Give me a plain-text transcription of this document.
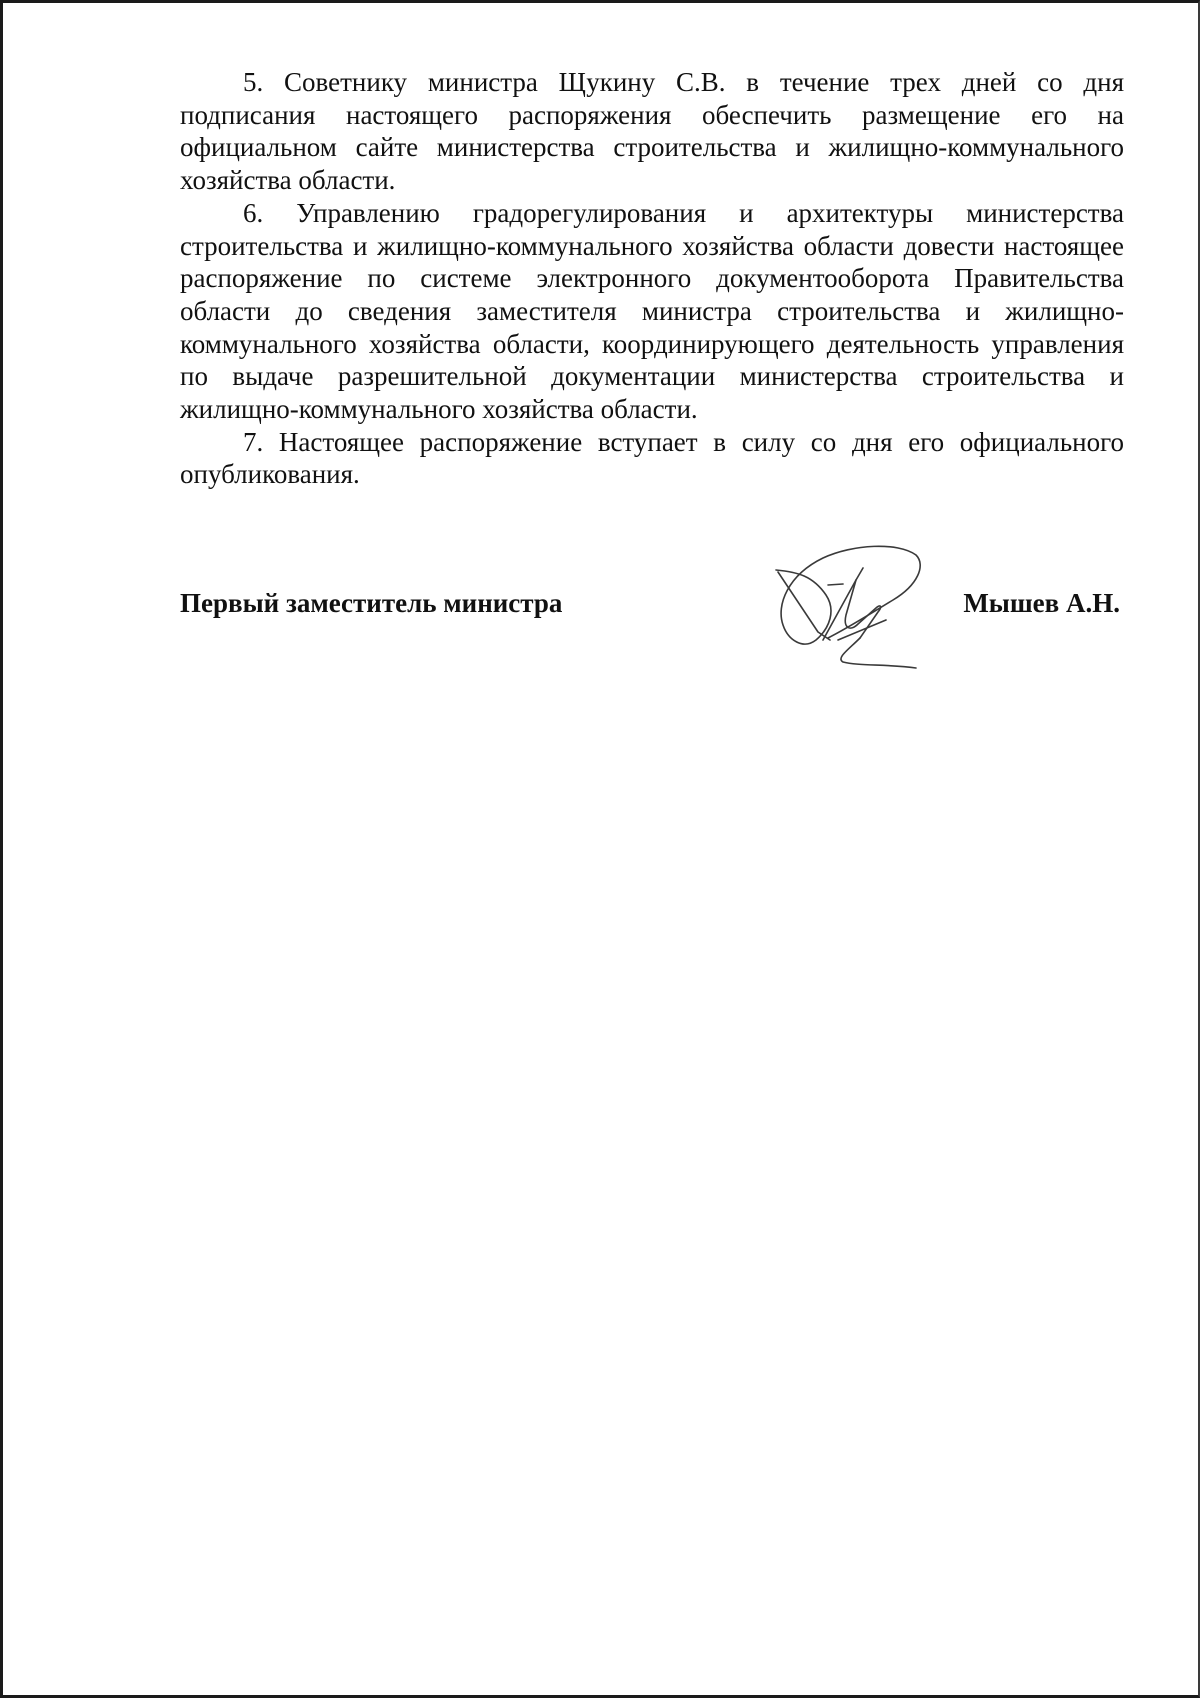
5. Советнику министра Щукину С.В. в течение трех дней со дня подписания настоящего распоряжения обеспечить размещение его на официальном сайте министерства строительства и жилищно-коммунального хозяйства области.

6. Управлению градорегулирования и архитектуры министерства строительства и жилищно-коммунального хозяйства области довести настоящее распоряжение по системе электронного документооборота Правительства области до сведения заместителя министра строительства и жилищно-коммунального хозяйства области, координирующего деятельность управления по выдаче разрешительной документации министерства строительства и жилищно-коммунального хозяйства области.

7. Настоящее распоряжение вступает в силу со дня его официального опубликования.

Первый заместитель министра	Мышев А.Н.
